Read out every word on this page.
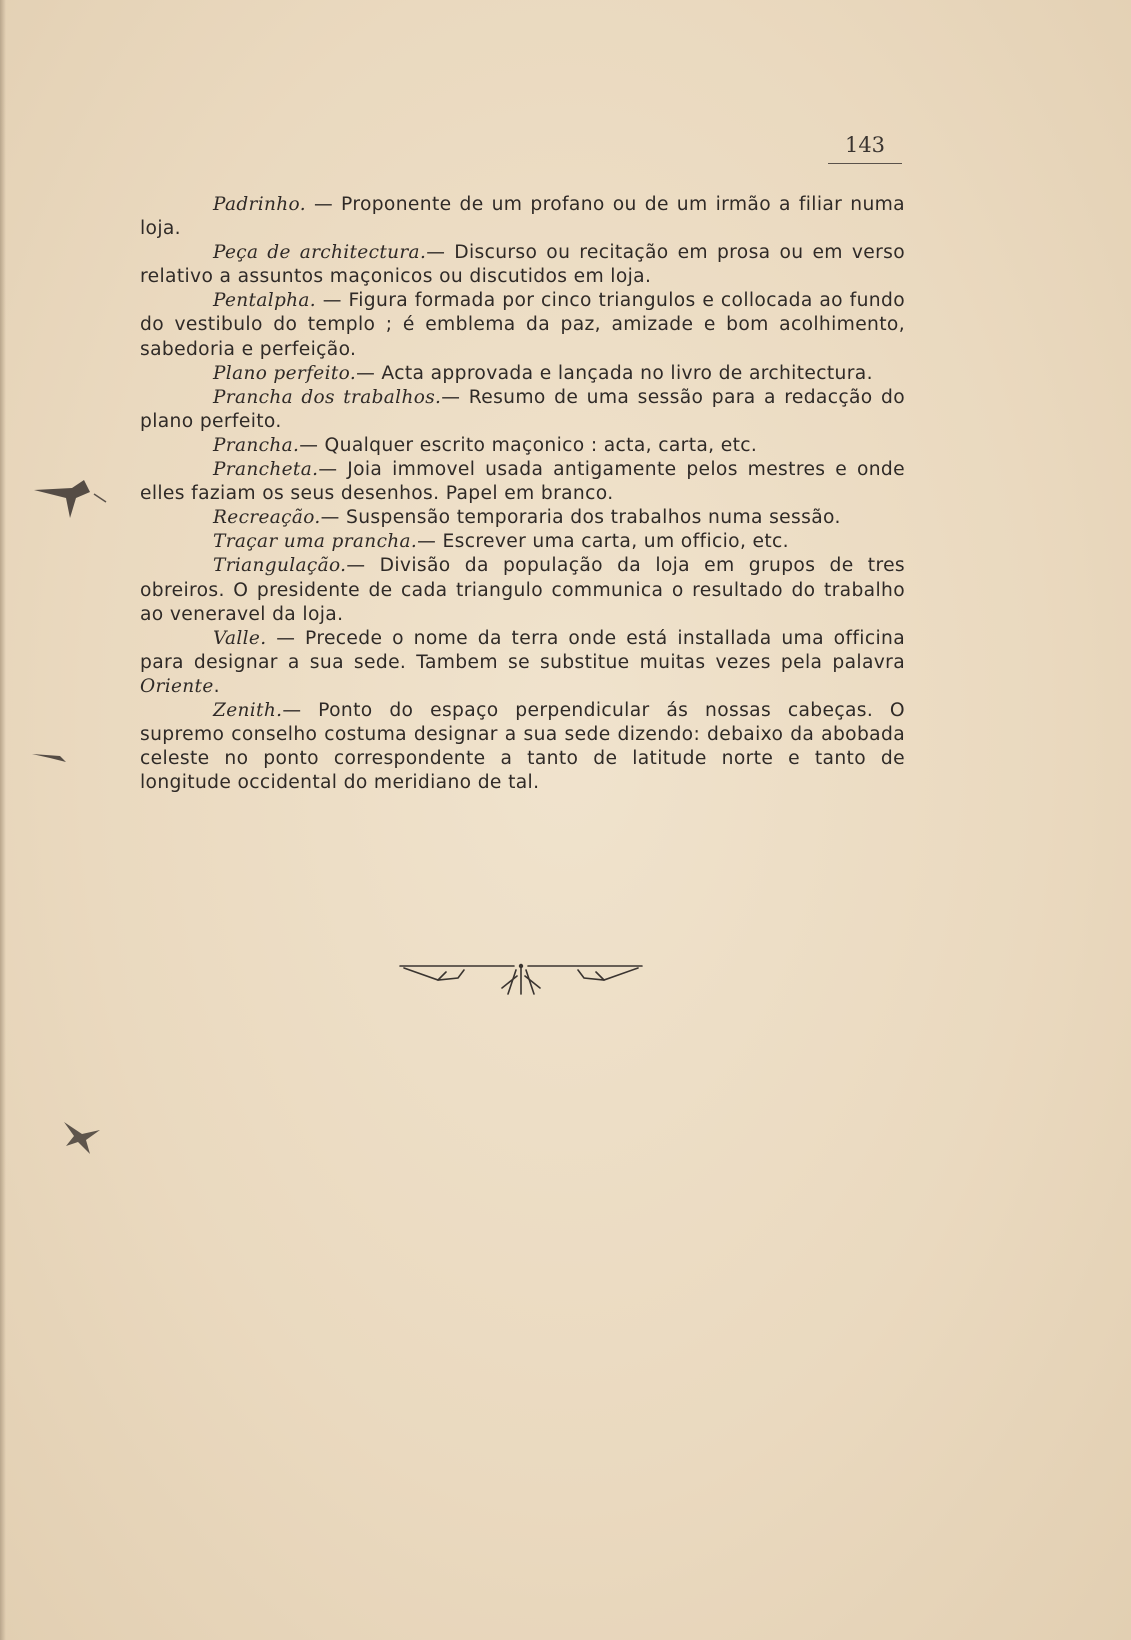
143

Padrinho. — Proponente de um profano ou de um irmão a filiar numa loja.

Peça de architectura.— Discurso ou recitação em prosa ou em verso relativo a assuntos maçonicos ou discutidos em loja.

Pentalpha. — Figura formada por cinco triangulos e collocada ao fundo do vestibulo do templo ; é emblema da paz, amizade e bom acolhimento, sabedoria e perfeição.

Plano perfeito.— Acta approvada e lançada no livro de architectura.

Prancha dos trabalhos.— Resumo de uma sessão para a redacção do plano perfeito.

Prancha.— Qualquer escrito maçonico : acta, carta, etc.

Prancheta.— Joia immovel usada antigamente pelos mestres e onde elles faziam os seus desenhos. Papel em branco.

Recreação.— Suspensão temporaria dos trabalhos numa sessão.

Traçar uma prancha.— Escrever uma carta, um officio, etc.

Triangulação.— Divisão da população da loja em grupos de tres obreiros. O presidente de cada triangulo communica o resultado do trabalho ao veneravel da loja.

Valle. — Precede o nome da terra onde está installada uma officina para designar a sua sede. Tambem se substitue muitas vezes pela palavra Oriente.

Zenith.— Ponto do espaço perpendicular ás nossas cabeças. O supremo conselho costuma designar a sua sede dizendo: debaixo da abobada celeste no ponto correspondente a tanto de latitude norte e tanto de longitude occidental do meridiano de tal.
